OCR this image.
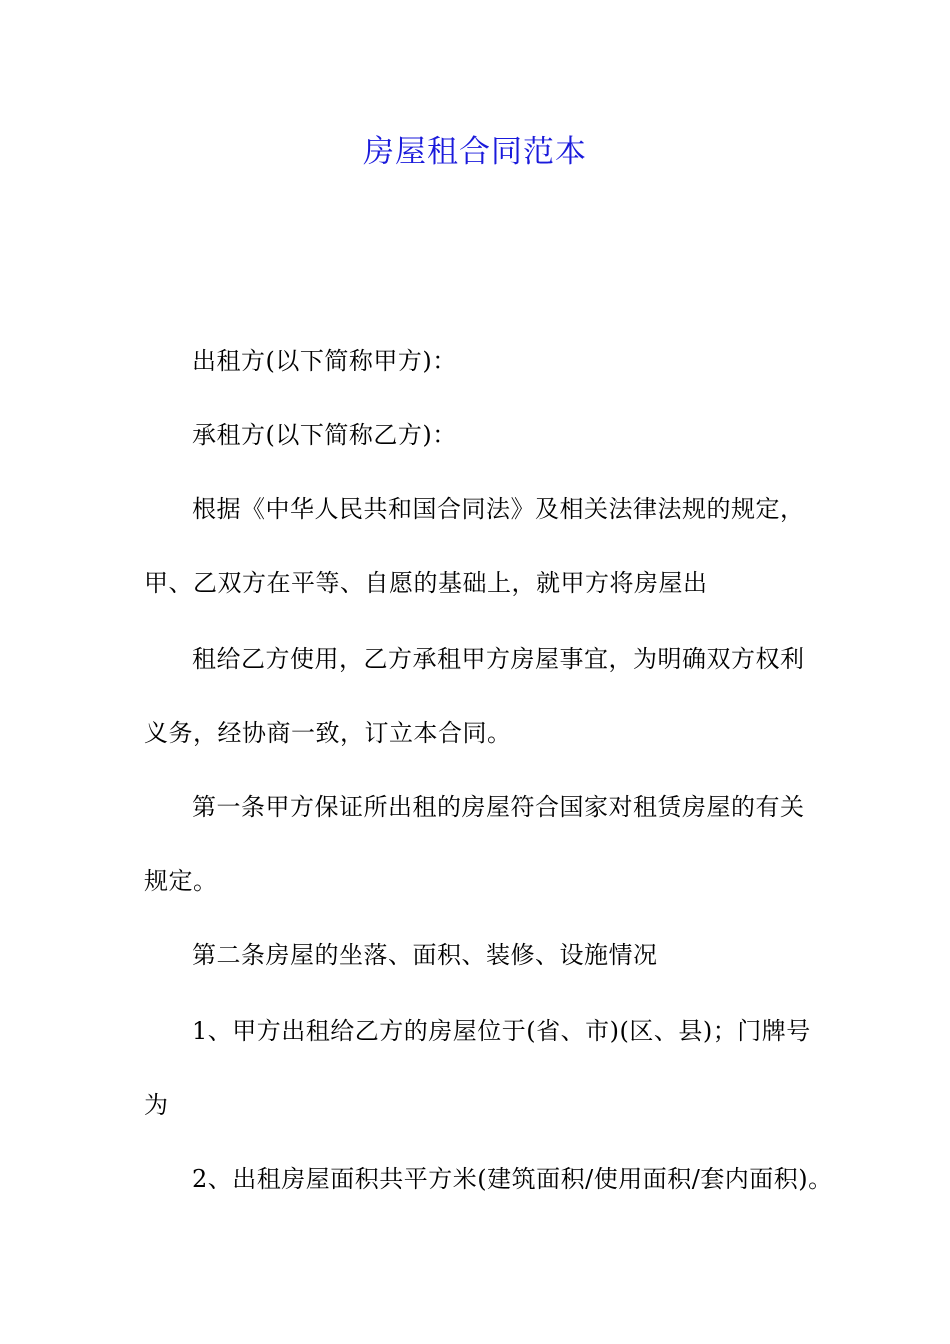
房屋租合同范本
出租方(以下简称甲方)：
承租方(以下简称乙方)：
根据《中华人民共和国合同法》及相关法律法规的规定，
甲、乙双方在平等、自愿的基础上，就甲方将房屋出
租给乙方使用，乙方承租甲方房屋事宜，为明确双方权利
义务，经协商一致，订立本合同。
第一条甲方保证所出租的房屋符合国家对租赁房屋的有关
规定。
第二条房屋的坐落、面积、装修、设施情况
1、甲方出租给乙方的房屋位于(省、市)(区、县)；门牌号
为
2、出租房屋面积共平方米(建筑面积/使用面积/套内面积)。
